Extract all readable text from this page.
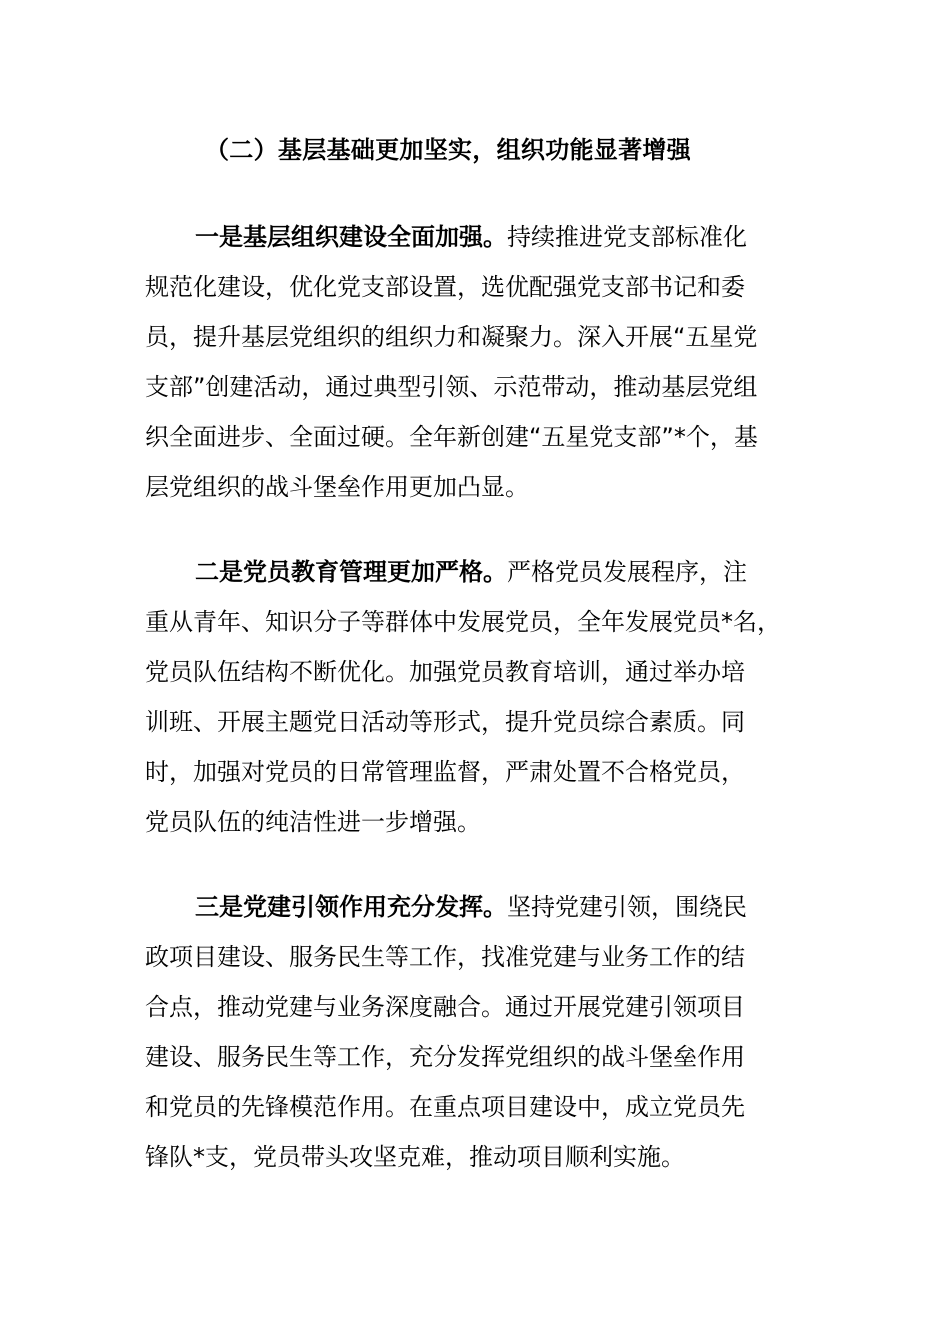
（二）基层基础更加坚实，组织功能显著增强
一是基层组织建设全面加强。持续推进党支部标准化
规范化建设，优化党支部设置，选优配强党支部书记和委
员，提升基层党组织的组织力和凝聚力。深入开展“五星党
支部”创建活动，通过典型引领、示范带动，推动基层党组
织全面进步、全面过硬。全年新创建“五星党支部”*个，基
层党组织的战斗堡垒作用更加凸显。
二是党员教育管理更加严格。严格党员发展程序，注
重从青年、知识分子等群体中发展党员，全年发展党员*名，
党员队伍结构不断优化。加强党员教育培训，通过举办培
训班、开展主题党日活动等形式，提升党员综合素质。同
时，加强对党员的日常管理监督，严肃处置不合格党员，
党员队伍的纯洁性进一步增强。
三是党建引领作用充分发挥。坚持党建引领，围绕民
政项目建设、服务民生等工作，找准党建与业务工作的结
合点，推动党建与业务深度融合。通过开展党建引领项目
建设、服务民生等工作，充分发挥党组织的战斗堡垒作用
和党员的先锋模范作用。在重点项目建设中，成立党员先
锋队*支，党员带头攻坚克难，推动项目顺利实施。
